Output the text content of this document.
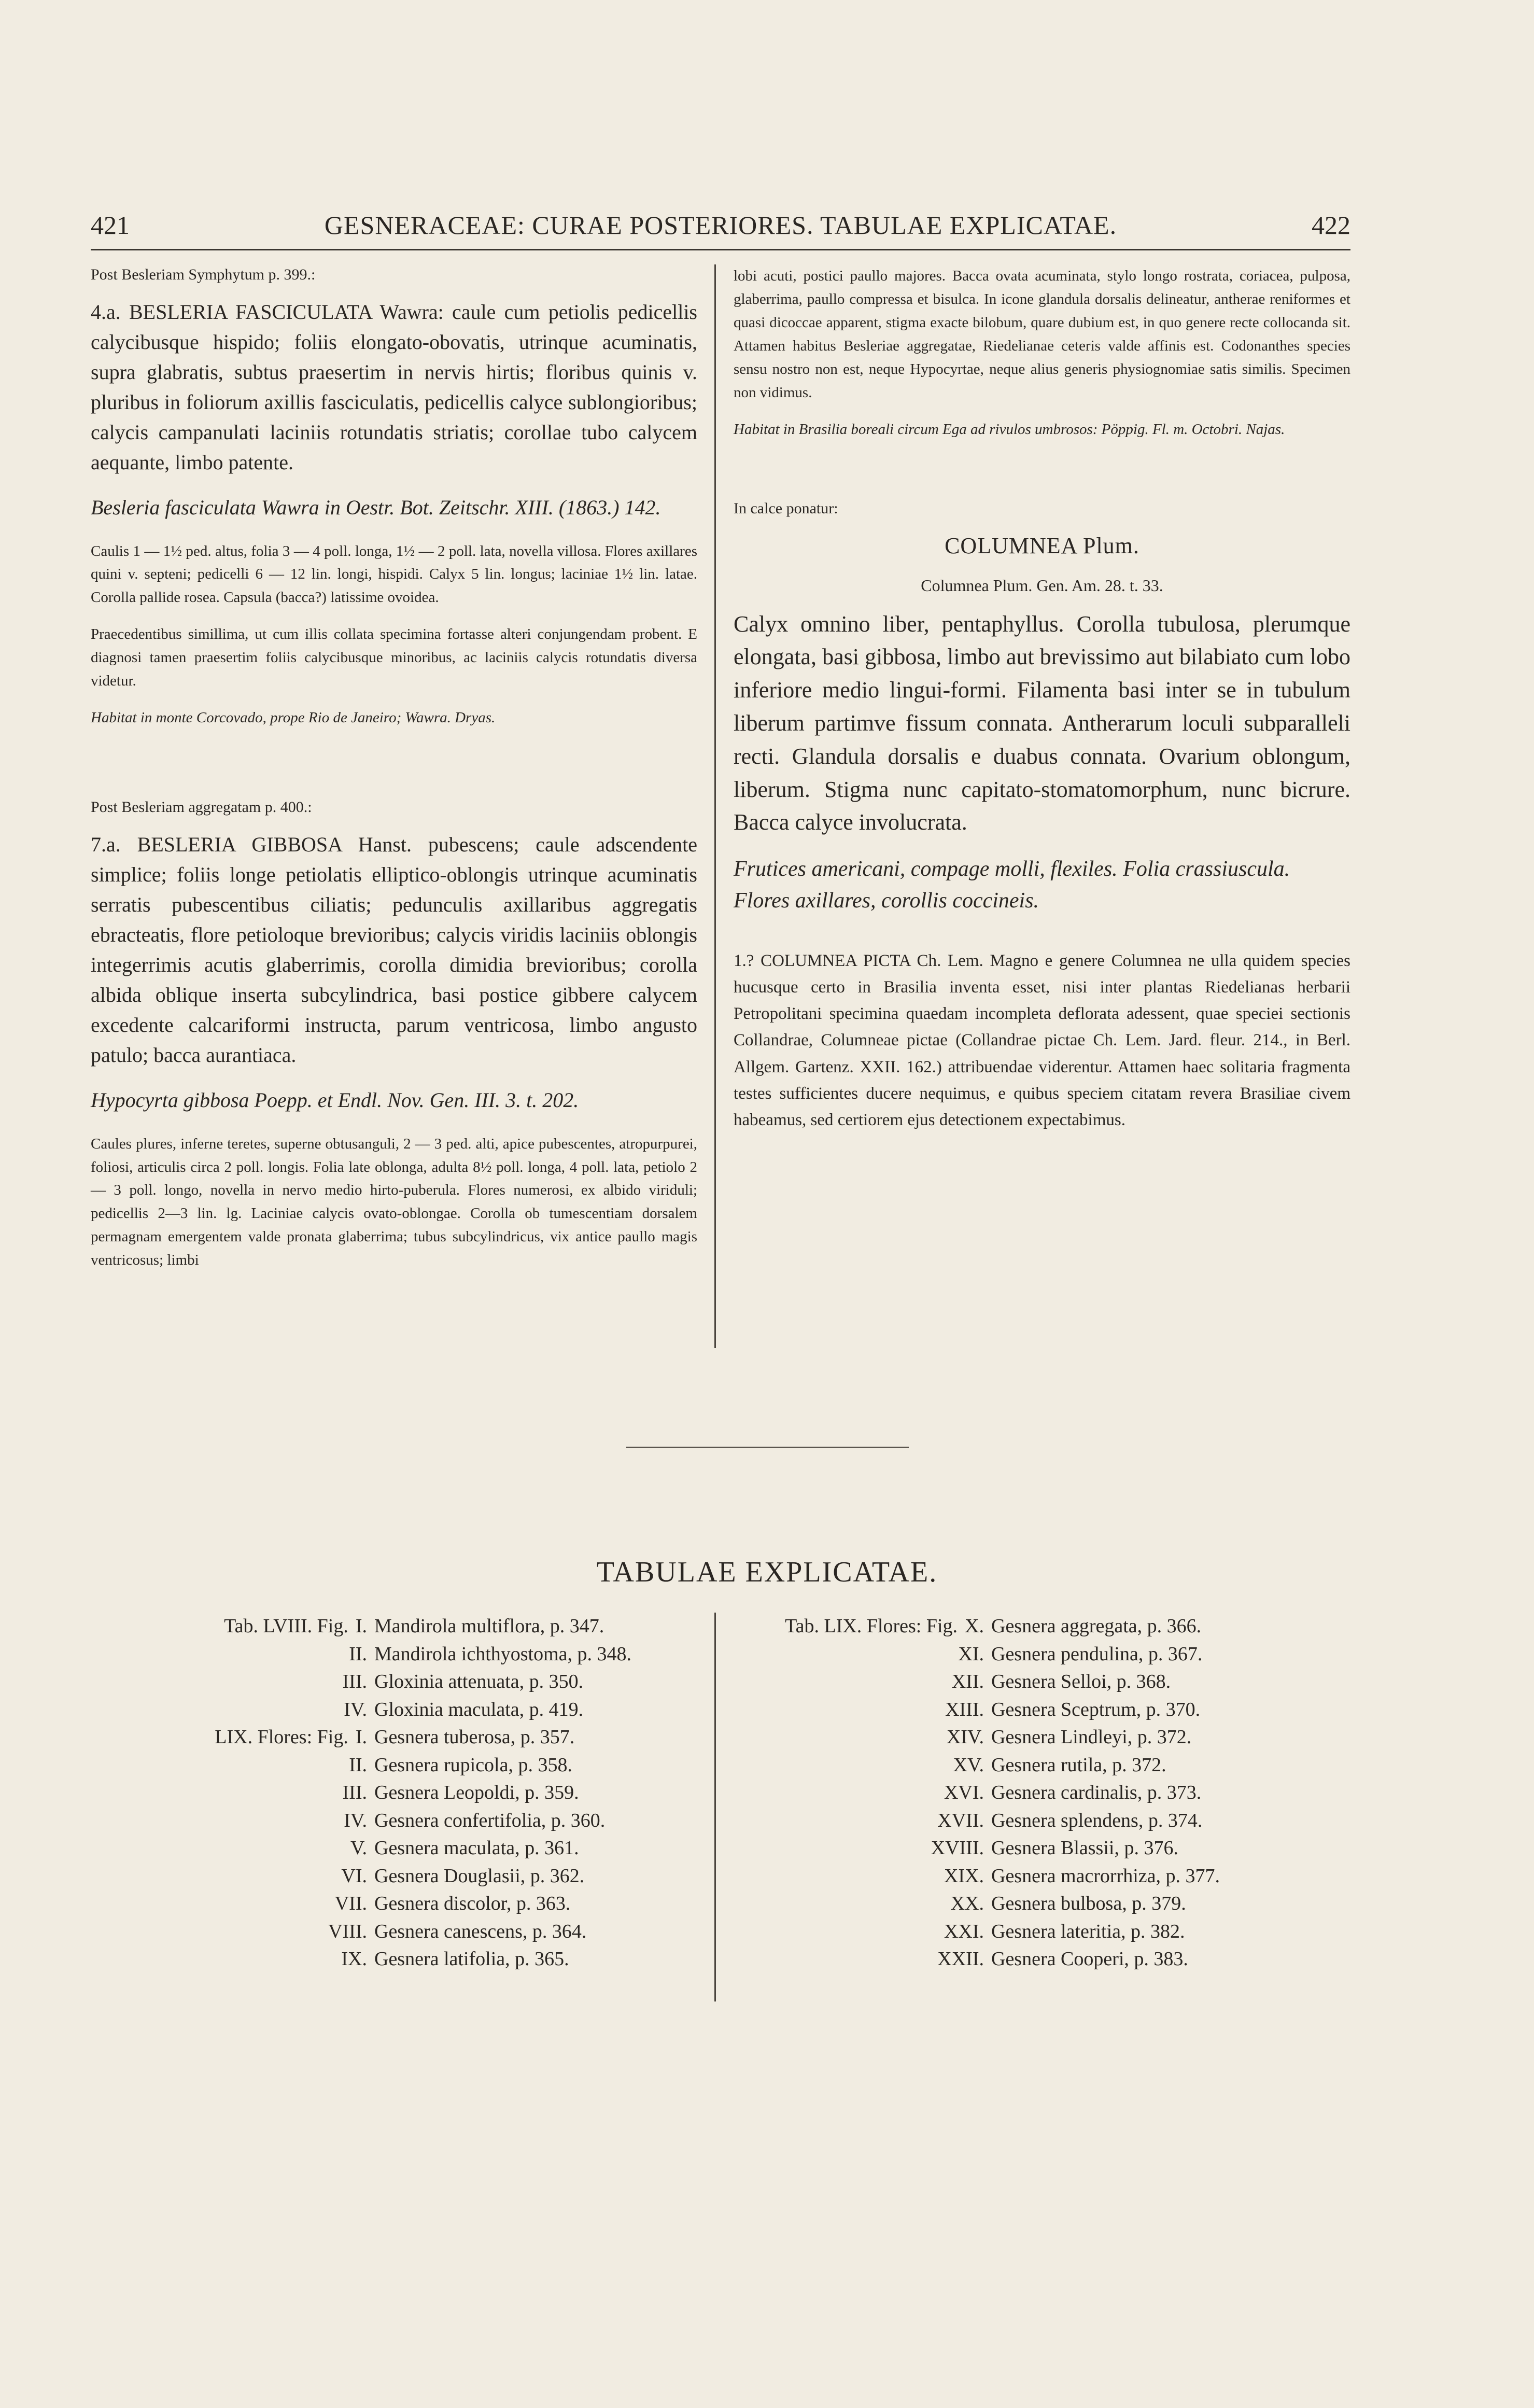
421	GESNERACEAE: CURAE POSTERIORES. TABULAE EXPLICATAE.	422

Post Besleriam Symphytum p. 399.:

4.a. BESLERIA FASCICULATA Wawra: caule cum petiolis pedicellis calycibusque hispido; foliis elongato-obovatis, utrinque acuminatis, supra glabratis, subtus praesertim in nervis hirtis; floribus quinis v. pluribus in foliorum axillis fasciculatis, pedicellis calyce sublongioribus; calycis campanulati laciniis rotundatis striatis; corollae tubo calycem aequante, limbo patente.

Besleria fasciculata Wawra in Oestr. Bot. Zeitschr. XIII. (1863.) 142.

Caulis 1 — 1½ ped. altus, folia 3 — 4 poll. longa, 1½ — 2 poll. lata, novella villosa. Flores axillares quini v. septeni; pedicelli 6 — 12 lin. longi, hispidi. Calyx 5 lin. longus; laciniae 1½ lin. latae. Corolla pallide rosea. Capsula (bacca?) latissime ovoidea.

Praecedentibus simillima, ut cum illis collata specimina fortasse alteri conjungendam probent. E diagnosi tamen praesertim foliis calycibusque minoribus, ac laciniis calycis rotundatis diversa videtur.

Habitat in monte Corcovado, prope Rio de Janeiro; Wawra. Dryas.

Post Besleriam aggregatam p. 400.:

7.a. BESLERIA GIBBOSA Hanst. pubescens; caule adscendente simplice; foliis longe petiolatis elliptico-oblongis utrinque acuminatis serratis pubescentibus ciliatis; pedunculis axillaribus aggregatis ebracteatis, flore petioloque brevioribus; calycis viridis laciniis oblongis integerrimis acutis glaberrimis, corolla dimidia brevioribus; corolla albida oblique inserta subcylindrica, basi postice gibbere calycem excedente calcariformi instructa, parum ventricosa, limbo angusto patulo; bacca aurantiaca.

Hypocyrta gibbosa Poepp. et Endl. Nov. Gen. III. 3. t. 202.

Caules plures, inferne teretes, superne obtusanguli, 2 — 3 ped. alti, apice pubescentes, atropurpurei, foliosi, articulis circa 2 poll. longis. Folia late oblonga, adulta 8½ poll. longa, 4 poll. lata, petiolo 2 — 3 poll. longo, novella in nervo medio hirto-puberula. Flores numerosi, ex albido viriduli; pedicellis 2—3 lin. lg. Laciniae calycis ovato-oblongae. Corolla ob tumescentiam dorsalem permagnam emergentem valde pronata glaberrima; tubus subcylindricus, vix antice paullo magis ventricosus; limbi

lobi acuti, postici paullo majores. Bacca ovata acuminata, stylo longo rostrata, coriacea, pulposa, glaberrima, paullo compressa et bisulca. In icone glandula dorsalis delineatur, antherae reniformes et quasi dicoccae apparent, stigma exacte bilobum, quare dubium est, in quo genere recte collocanda sit. Attamen habitus Besleriae aggregatae, Riedelianae ceteris valde affinis est. Codonanthes species sensu nostro non est, neque Hypocyrtae, neque alius generis physiognomiae satis similis. Specimen non vidimus.

Habitat in Brasilia boreali circum Ega ad rivulos umbrosos: Pöppig. Fl. m. Octobri. Najas.

In calce ponatur:

COLUMNEA Plum.

Columnea Plum. Gen. Am. 28. t. 33.

Calyx omnino liber, pentaphyllus. Corolla tubulosa, plerumque elongata, basi gibbosa, limbo aut brevissimo aut bilabiato cum lobo inferiore medio lingui-formi. Filamenta basi inter se in tubulum liberum partimve fissum connata. Antherarum loculi subparalleli recti. Glandula dorsalis e duabus connata. Ovarium oblongum, liberum. Stigma nunc capitato-stomatomorphum, nunc bicrure. Bacca calyce involucrata.

Frutices americani, compage molli, flexiles. Folia crassiuscula. Flores axillares, corollis coccineis.

1.? COLUMNEA PICTA Ch. Lem. Magno e genere Columnea ne ulla quidem species hucusque certo in Brasilia inventa esset, nisi inter plantas Riedelianas herbarii Petropolitani specimina quaedam incompleta deflorata adessent, quae speciei sectionis Collandrae, Columneae pictae (Collandrae pictae Ch. Lem. Jard. fleur. 214., in Berl. Allgem. Gartenz. XXII. 162.) attribuendae viderentur. Attamen haec solitaria fragmenta testes sufficientes ducere nequimus, e quibus speciem citatam revera Brasiliae civem habeamus, sed certiorem ejus detectionem expectabimus.

TABULAE EXPLICATAE.
Tab. LVIII. Fig. I. Mandirola multiflora, p. 347.
II. Mandirola ichthyostoma, p. 348.
III. Gloxinia attenuata, p. 350.
IV. Gloxinia maculata, p. 419.
LIX. Flores: Fig. I. Gesnera tuberosa, p. 357.
II. Gesnera rupicola, p. 358.
III. Gesnera Leopoldi, p. 359.
IV. Gesnera confertifolia, p. 360.
V. Gesnera maculata, p. 361.
VI. Gesnera Douglasii, p. 362.
VII. Gesnera discolor, p. 363.
VIII. Gesnera canescens, p. 364.
IX. Gesnera latifolia, p. 365.
Tab. LIX. Flores: Fig. X. Gesnera aggregata, p. 366.
XI. Gesnera pendulina, p. 367.
XII. Gesnera Selloi, p. 368.
XIII. Gesnera Sceptrum, p. 370.
XIV. Gesnera Lindleyi, p. 372.
XV. Gesnera rutila, p. 372.
XVI. Gesnera cardinalis, p. 373.
XVII. Gesnera splendens, p. 374.
XVIII. Gesnera Blassii, p. 376.
XIX. Gesnera macrorrhiza, p. 377.
XX. Gesnera bulbosa, p. 379.
XXI. Gesnera lateritia, p. 382.
XXII. Gesnera Cooperi, p. 383.
